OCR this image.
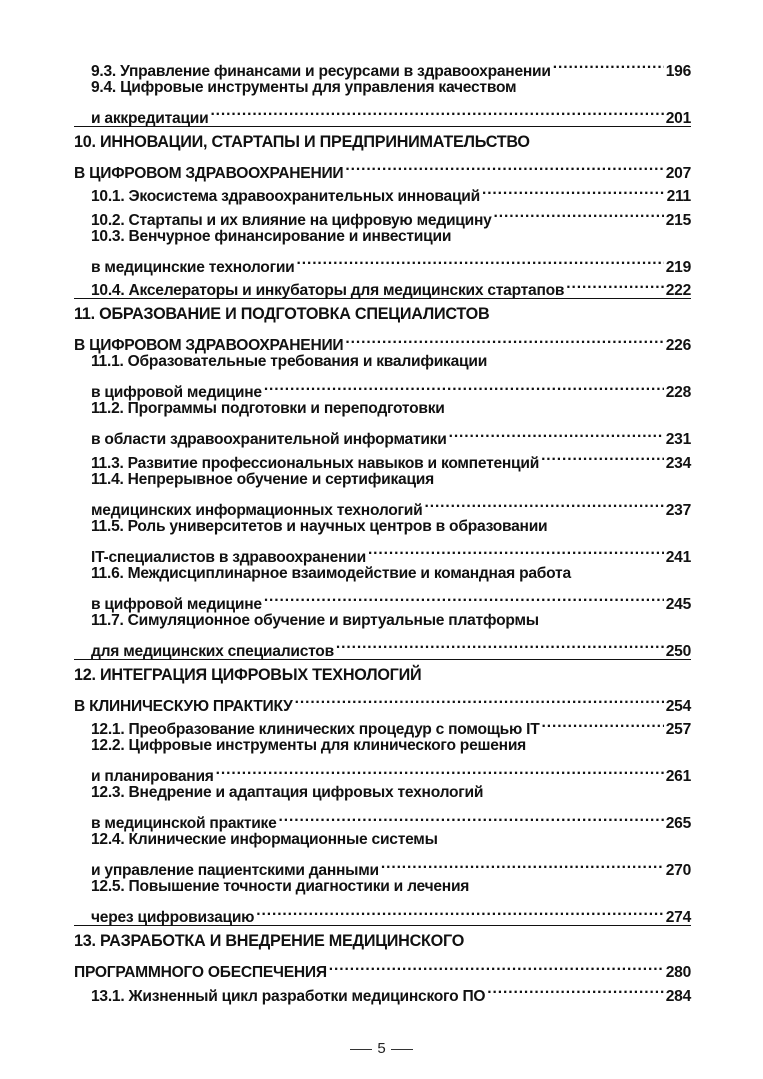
9.3. Управление финансами и ресурсами в здравоохранении .....	196
9.4. Цифровые инструменты для управления качеством
и аккредитации .....	201
10. ИННОВАЦИИ, СТАРТАПЫ И ПРЕДПРИНИМАТЕЛЬСТВО
В ЦИФРОВОМ ЗДРАВООХРАНЕНИИ .....	207
10.1. Экосистема здравоохранительных инноваций .....	211
10.2. Стартапы и их влияние на цифровую медицину .....	215
10.3. Венчурное финансирование и инвестиции
в медицинские технологии .....	219
10.4. Акселераторы и инкубаторы для медицинских стартапов .....	222
11. ОБРАЗОВАНИЕ И ПОДГОТОВКА СПЕЦИАЛИСТОВ
В ЦИФРОВОМ ЗДРАВООХРАНЕНИИ .....	226
11.1. Образовательные требования и квалификации
в цифровой медицине .....	228
11.2. Программы подготовки и переподготовки
в области здравоохранительной информатики .....	231
11.3. Развитие профессиональных навыков и компетенций .....	234
11.4. Непрерывное обучение и сертификация
медицинских информационных технологий .....	237
11.5. Роль университетов и научных центров в образовании
IT-специалистов в здравоохранении .....	241
11.6. Междисциплинарное взаимодействие и командная работа
в цифровой медицине .....	245
11.7. Симуляционное обучение и виртуальные платформы
для медицинских специалистов .....	250
12. ИНТЕГРАЦИЯ ЦИФРОВЫХ ТЕХНОЛОГИЙ
В КЛИНИЧЕСКУЮ ПРАКТИКУ .....	254
12.1. Преобразование клинических процедур с помощью IT .....	257
12.2. Цифровые инструменты для клинического решения
и планирования .....	261
12.3. Внедрение и адаптация цифровых технологий
в медицинской практике .....	265
12.4. Клинические информационные системы
и управление пациентскими данными .....	270
12.5. Повышение точности диагностики и лечения
через цифровизацию .....	274
13. РАЗРАБОТКА И ВНЕДРЕНИЕ МЕДИЦИНСКОГО
ПРОГРАММНОГО ОБЕСПЕЧЕНИЯ .....	280
13.1. Жизненный цикл разработки медицинского ПО .....	284
5
